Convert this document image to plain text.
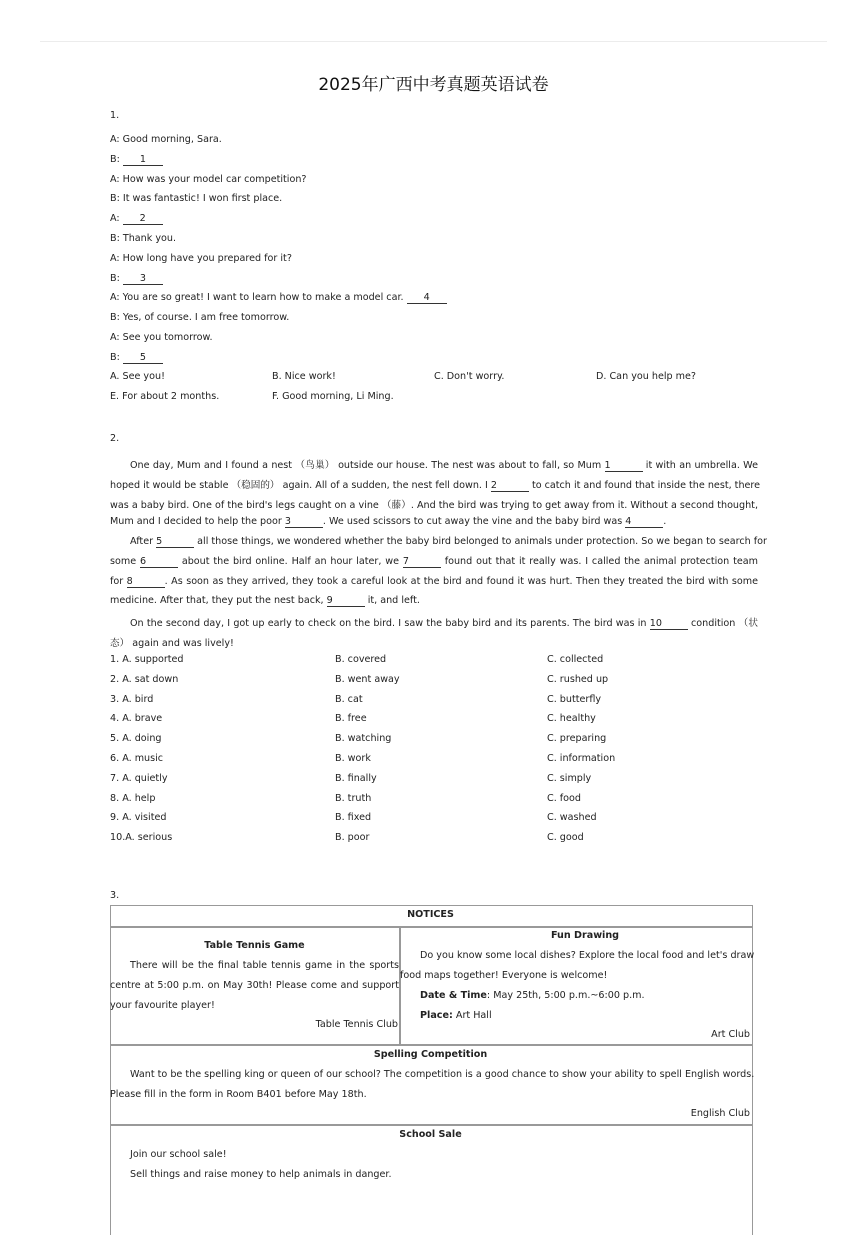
2025年广西中考真题英语试卷
1.
A: Good morning, Sara.
B: 1
A: How was your model car competition?
B: It was fantastic! I won first place.
A: 2
B: Thank you.
A: How long have you prepared for it?
B: 3
A: You are so great! I want to learn how to make a model car. 4
B: Yes, of course. I am free tomorrow.
A: See you tomorrow.
B: 5
A. See you!	B. Nice work!	C. Don't worry.	D. Can you help me?
E. For about 2 months.	F. Good morning, Li Ming.
2.
One day, Mum and I found a nest （鸟巢） outside our house. The nest was about to fall, so Mum 1	it with an umbrella. We
hoped it would be stable （稳固的） again. All of a sudden, the nest fell down. I 2	to catch it and found that inside the nest, there
was a baby bird. One of the bird's legs caught on a vine （藤）. And the bird was trying to get away from it. Without a second thought,
Mum and I decided to help the poor 3	. We used scissors to cut away the vine and the baby bird was 4	.
After 5	all those things, we wondered whether the baby bird belonged to animals under protection. So we began to search for
some 6	about the bird online. Half an hour later, we 7	found out that it really was. I called the animal protection team
for 8	. As soon as they arrived, they took a careful look at the bird and found it was hurt. Then they treated the bird with some
medicine. After that, they put the nest back, 9	it, and left.
On the second day, I got up early to check on the bird. I saw the baby bird and its parents. The bird was in 10	condition （状
态） again and was lively!
1. A. supported	B. covered	C. collected
2. A. sat down	B. went away	C. rushed up
3. A. bird	B. cat	C. butterfly
4. A. brave	B. free	C. healthy
5. A. doing	B. watching	C. preparing
6. A. music	B. work	C. information
7. A. quietly	B. finally	C. simply
8. A. help	B. truth	C. food
9. A. visited	B. fixed	C. washed
10.A. serious	B. poor	C. good
3.
NOTICES
Table Tennis Game
There will be the final table tennis game in the sports
centre at 5:00 p.m. on May 30th! Please come and support
your favourite player!
Table Tennis Club
Fun Drawing
Do you know some local dishes? Explore the local food and let's draw
food maps together! Everyone is welcome!
Date & Time: May 25th, 5:00 p.m.~6:00 p.m.
Place: Art Hall
Art Club
Spelling Competition
Want to be the spelling king or queen of our school? The competition is a good chance to show your ability to spell English words.
Please fill in the form in Room B401 before May 18th.
English Club
School Sale
Join our school sale!
Sell things and raise money to help animals in danger.
